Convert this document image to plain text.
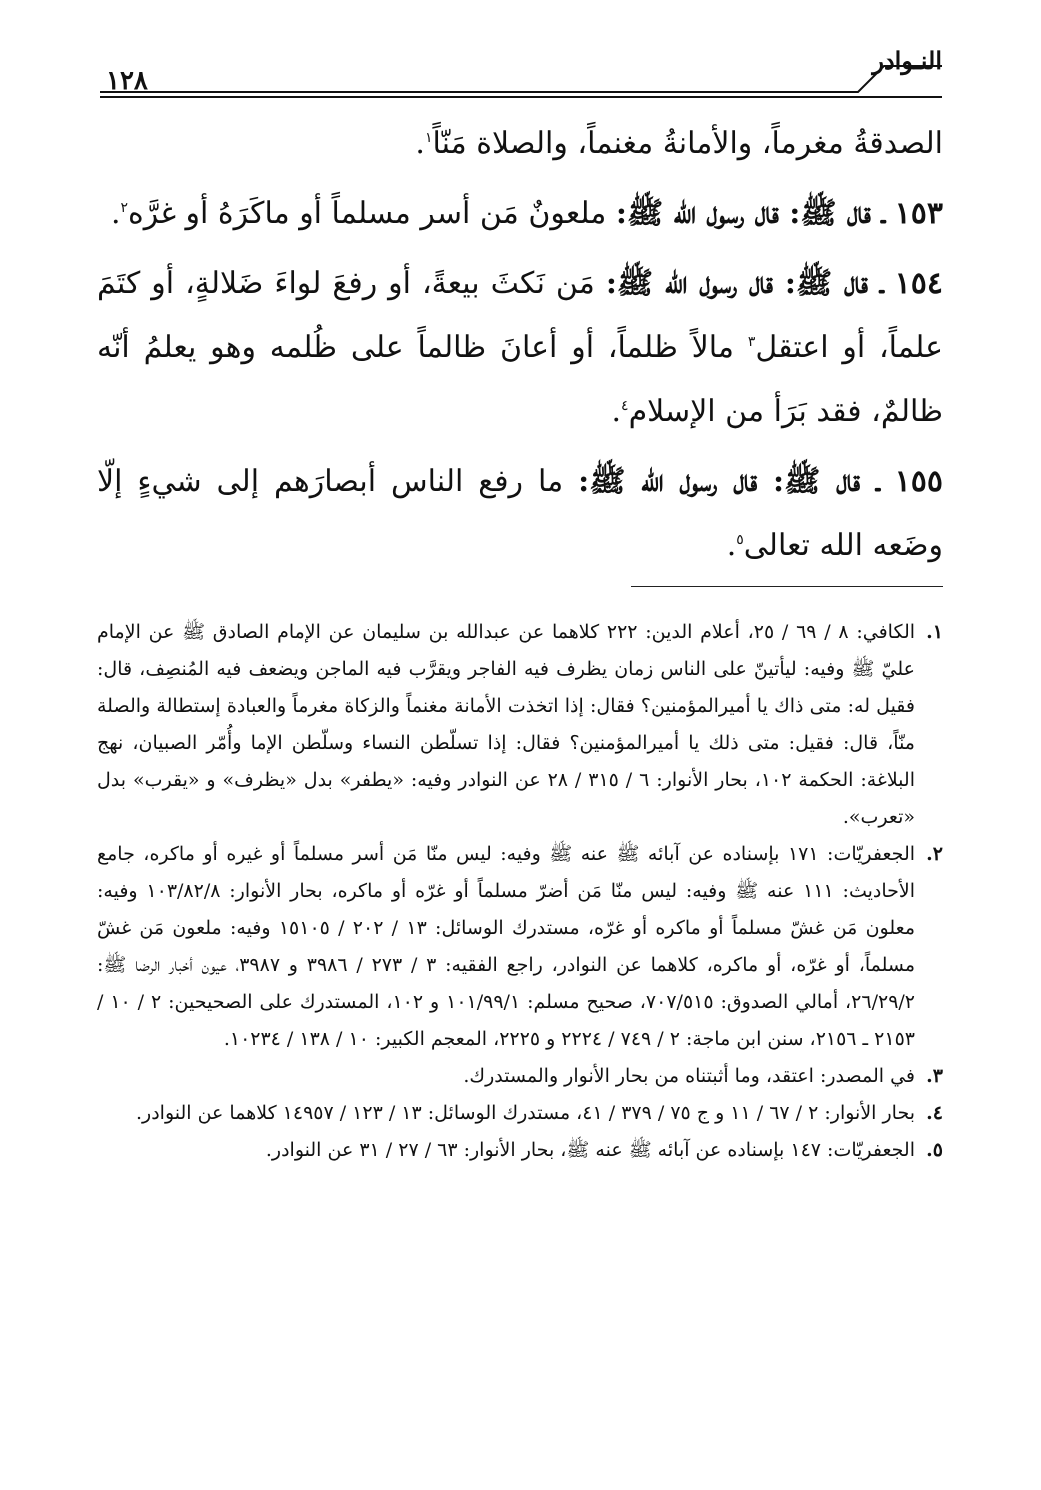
النـوادر
١٢٨

الصدقةُ مغرماً، والأمانةُ مغنماً، والصلاة مَنّاً$^١$.

١٥٣ ـ قال ﷺ: قال رسول الله ﷺ: ملعونٌ مَن أسر مسلماً أو ماكَرَهُ أو غرَّه$^٢$.

١٥٤ ـ قال ﷺ: قال رسول الله ﷺ: مَن نَكثَ بيعةً، أو رفعَ لواءَ ضَلالةٍ، أو كتَمَ علماً، أو اعتقل$^٣$ مالاً ظلماً، أو أعانَ ظالماً على ظُلمه وهو يعلمُ أنّه ظالمٌ، فقد بَرَأ من الإسلام$^٤$.

١٥٥ ـ قال ﷺ: قال رسول الله ﷺ: ما رفع الناس أبصارَهم إلى شيءٍ إلّا وضَعه الله تعالى$^٥$.

١.
الكافي: ٨ / ٦٩ / ٢٥، أعلام الدين: ٢٢٢ كلاهما عن عبدالله بن سليمان عن الإمام الصادق ﷺ عن الإمام عليّ ﷺ وفيه: ليأتينّ على الناس زمان يظرف فيه الفاجر ويقرَّب فيه الماجن ويضعف فيه المُنصِف، قال: فقيل له: متى ذاك يا أميرالمؤمنين؟ فقال: إذا اتخذت الأمانة مغنماً والزكاة مغرماً والعبادة إستطالة والصلة منّاً، قال: فقيل: متى ذلك يا أميرالمؤمنين؟ فقال: إذا تسلّطن النساء وسلّطن الإما وأُمّر الصبيان، نهج البلاغة: الحكمة ١٠٢، بحار الأنوار: ٦ / ٣١٥ / ٢٨ عن النوادر وفيه: «يطفر» بدل «يظرف» و «يقرب» بدل «تعرب».
٢.
الجعفريّات: ١٧١ بإسناده عن آبائه ﷺ عنه ﷺ وفيه: ليس منّا مَن أسر مسلماً أو غيره أو ماكره، جامع الأحاديث: ١١١ عنه ﷺ وفيه: ليس منّا مَن أضرّ مسلماً أو غرّه أو ماكره، بحار الأنوار: ١٠٣/٨٢/٨ وفيه: معلون مَن غشّ مسلماً أو ماكره أو غرّه، مستدرك الوسائل: ١٣ / ٢٠٢ / ١٥١٠٥ وفيه: ملعون مَن غشّ مسلماً، أو غرّه، أو ماكره، كلاهما عن النوادر، راجع الفقيه: ٣ / ٢٧٣ / ٣٩٨٦ و ٣٩٨٧، عيون أخبار الرضا ﷺ: ٢٦/٢٩/٢، أمالي الصدوق: ٧٠٧/٥١٥، صحيح مسلم: ١٠١/٩٩/١ و ١٠٢، المستدرك على الصحيحين: ٢ / ١٠ / ٢١٥٣ ـ ٢١٥٦، سنن ابن ماجة: ٢ / ٧٤٩ / ٢٢٢٤ و ٢٢٢٥، المعجم الكبير: ١٠ / ١٣٨ / ١٠٢٣٤.
٣.
في المصدر: اعتقد، وما أثبتناه من بحار الأنوار والمستدرك.
٤.
بحار الأنوار: ٢ / ٦٧ / ١١ و ج ٧٥ / ٣٧٩ / ٤١، مستدرك الوسائل: ١٣ / ١٢٣ / ١٤٩٥٧ كلاهما عن النوادر.
٥.
الجعفريّات: ١٤٧ بإسناده عن آبائه ﷺ عنه ﷺ، بحار الأنوار: ٦٣ / ٢٧ / ٣١ عن النوادر.
